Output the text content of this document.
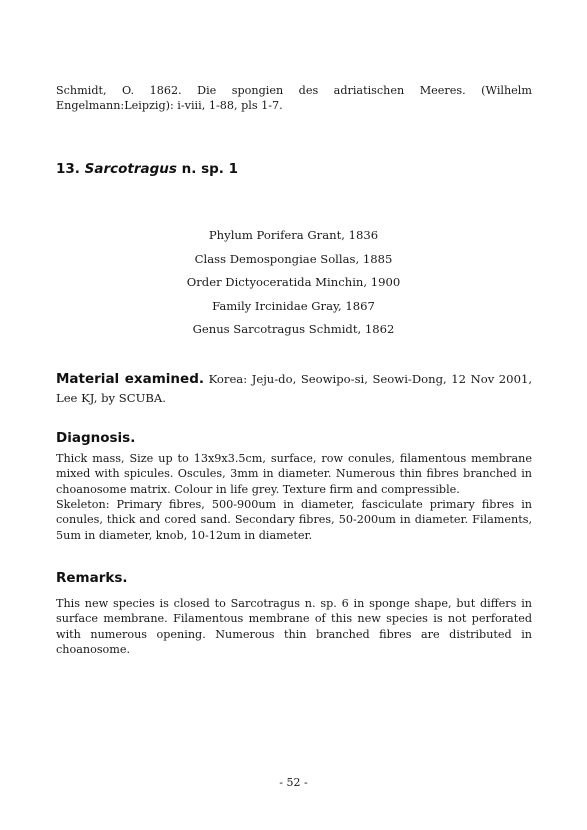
Schmidt, O. 1862. Die spongien des adriatischen Meeres. (Wilhelm Engelmann:Leipzig): i-viii, 1-88, pls 1-7.

13. Sarcotragus n. sp. 1
Phylum Porifera Grant, 1836
Class Demospongiae Sollas, 1885
Order Dictyoceratida Minchin, 1900
Family Ircinidae Gray, 1867
Genus Sarcotragus Schmidt, 1862

Material examined. Korea: Jeju-do, Seowipo-si, Seowi-Dong, 12 Nov 2001, Lee KJ, by SCUBA.

Diagnosis.

Thick mass, Size up to 13x9x3.5cm, surface, row conules, filamentous membrane mixed with spicules. Oscules, 3mm in diameter. Numerous thin fibres branched in choanosome matrix. Colour in life grey. Texture firm and compressible.

Skeleton: Primary fibres, 500-900um in diameter, fasciculate primary fibres in conules, thick and cored sand. Secondary fibres, 50-200um in diameter. Filaments, 5um in diameter, knob, 10-12um in diameter.

Remarks.

This new species is closed to Sarcotragus n. sp. 6 in sponge shape, but differs in surface membrane. Filamentous membrane of this new species is not perforated with numerous opening. Numerous thin branched fibres are distributed in choanosome.

- 52 -
